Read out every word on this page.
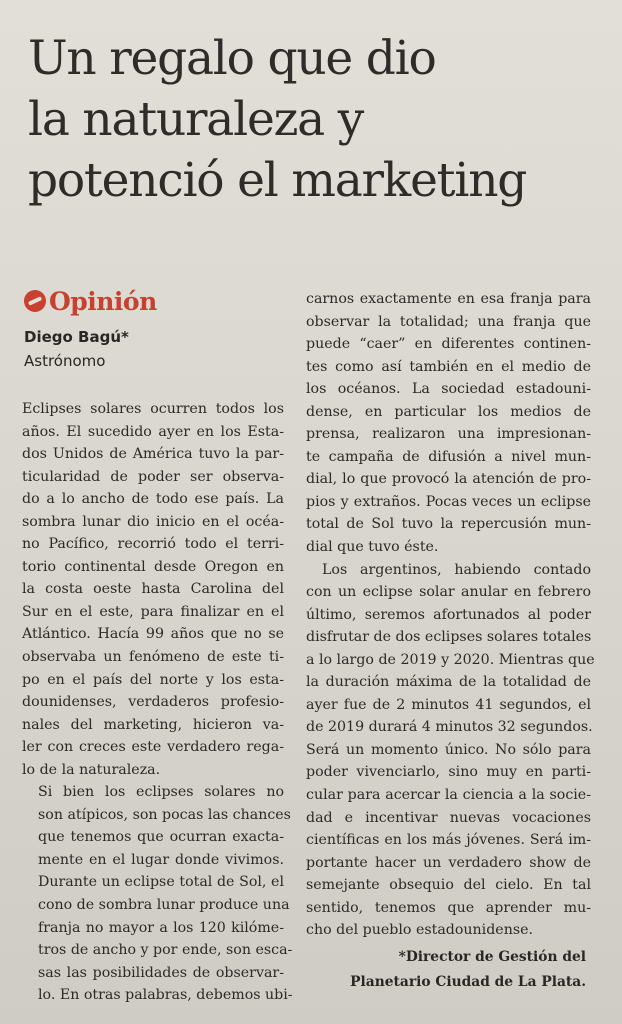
Un regalo que dio
la naturaleza y
potenció el marketing
Opinión
Diego Bagú*
Astrónomo

Eclipses solares ocurren todos los
años. El sucedido ayer en los Esta-
dos Unidos de América tuvo la par-
ticularidad de poder ser observa-
do a lo ancho de todo ese país. La
sombra lunar dio inicio en el océa-
no Pacífico, recorrió todo el terri-
torio continental desde Oregon en
la costa oeste hasta Carolina del
Sur en el este, para finalizar en el
Atlántico. Hacía 99 años que no se
observaba un fenómeno de este ti-
po en el país del norte y los esta-
dounidenses, verdaderos profesio-
nales del marketing, hicieron va-
ler con creces este verdadero rega-
lo de la naturaleza.

Si bien los eclipses solares no
son atípicos, son pocas las chances
que tenemos que ocurran exacta-
mente en el lugar donde vivimos.
Durante un eclipse total de Sol, el
cono de sombra lunar produce una
franja no mayor a los 120 kilóme-
tros de ancho y por ende, son esca-
sas las posibilidades de observar-
lo. En otras palabras, debemos ubi-

carnos exactamente en esa franja para
observar la totalidad; una franja que
puede “caer” en diferentes continen-
tes como así también en el medio de
los océanos. La sociedad estadouni-
dense, en particular los medios de
prensa, realizaron una impresionan-
te campaña de difusión a nivel mun-
dial, lo que provocó la atención de pro-
pios y extraños. Pocas veces un eclipse
total de Sol tuvo la repercusión mun-
dial que tuvo éste.

Los argentinos, habiendo contado
con un eclipse solar anular en febrero
último, seremos afortunados al poder
disfrutar de dos eclipses solares totales
a lo largo de 2019 y 2020. Mientras que
la duración máxima de la totalidad de
ayer fue de 2 minutos 41 segundos, el
de 2019 durará 4 minutos 32 segundos.
Será un momento único. No sólo para
poder vivenciarlo, sino muy en parti-
cular para acercar la ciencia a la socie-
dad e incentivar nuevas vocaciones
científicas en los más jóvenes. Será im-
portante hacer un verdadero show de
semejante obsequio del cielo. En tal
sentido, tenemos que aprender mu-
cho del pueblo estadounidense.

*Director de Gestión del
Planetario Ciudad de La Plata.
